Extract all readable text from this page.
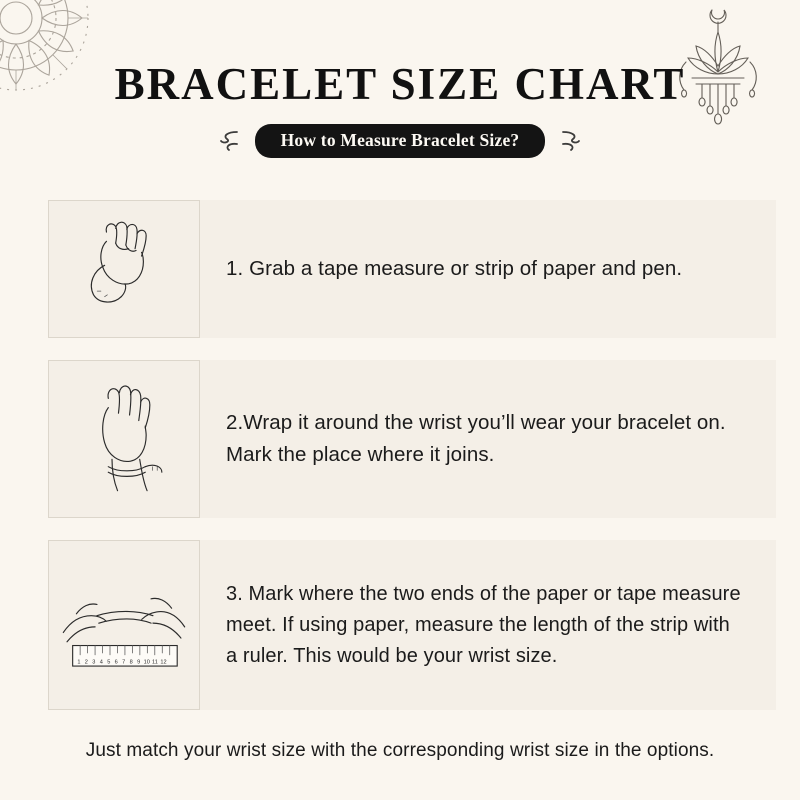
BRACELET SIZE CHART
How to Measure Bracelet Size?
1. Grab a tape measure or strip of paper and pen.
2.Wrap it around the wrist you’ll wear your bracelet on. Mark the place where it joins.
1 2 3 4 5 6 7 8 9 10 11 12
3. Mark where the two ends of the paper or tape measure meet. If using paper, measure the length of the strip with a ruler. This would be your wrist size.
Just match your wrist size with the corresponding wrist size in the options.
